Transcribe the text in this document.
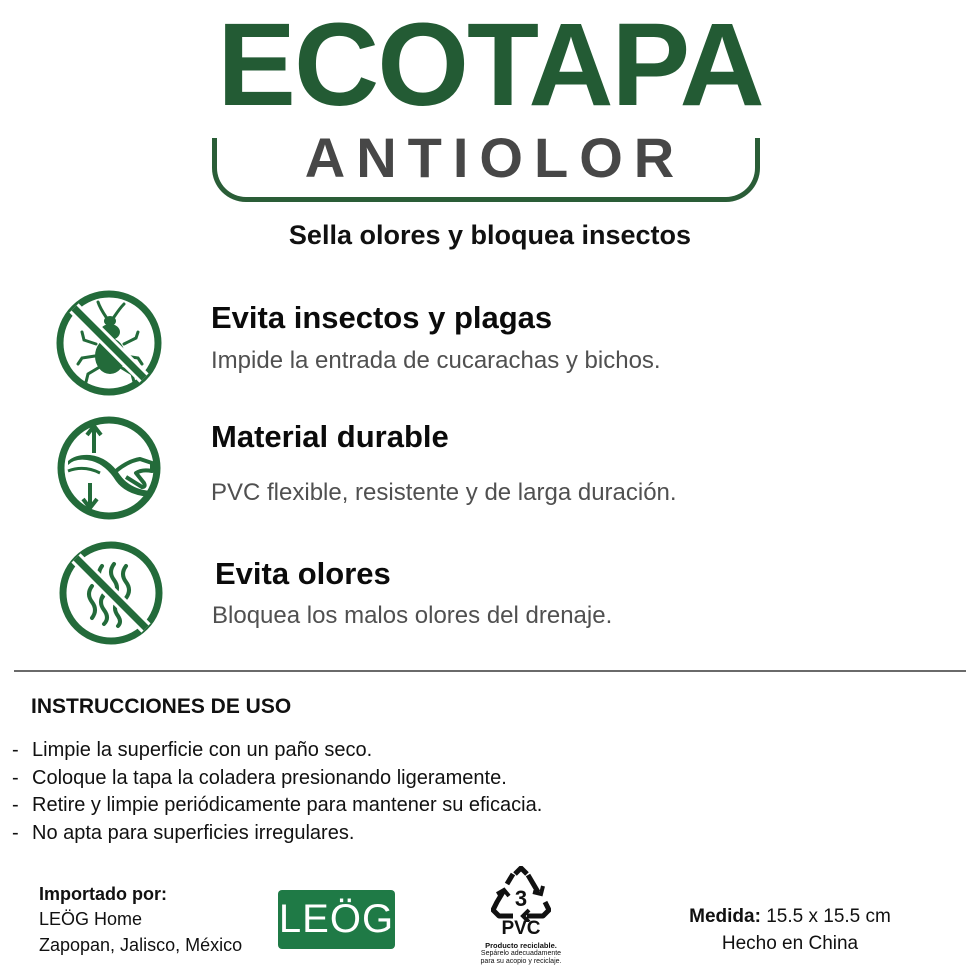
ECOTAPA
ANTIOLOR
Sella olores y bloquea insectos
Evita insectos y plagas
Impide la entrada de cucarachas y bichos.
Material durable
PVC flexible, resistente y de larga duración.
Evita olores
Bloquea los malos olores del drenaje.
INSTRUCCIONES DE USO
- Limpie la superficie con un paño seco.
- Coloque la tapa la coladera presionando ligeramente.
- Retire y limpie periódicamente para mantener su eficacia.
- No apta para superficies irregulares.
Importado por:
LEÖG Home
Zapopan, Jalisco, México
LEÖG	3
PVC
Producto reciclable.
Sepárelo adecuadamente
para su acopio y reciclaje.
Medida: 15.5 x 15.5 cm
Hecho en China
